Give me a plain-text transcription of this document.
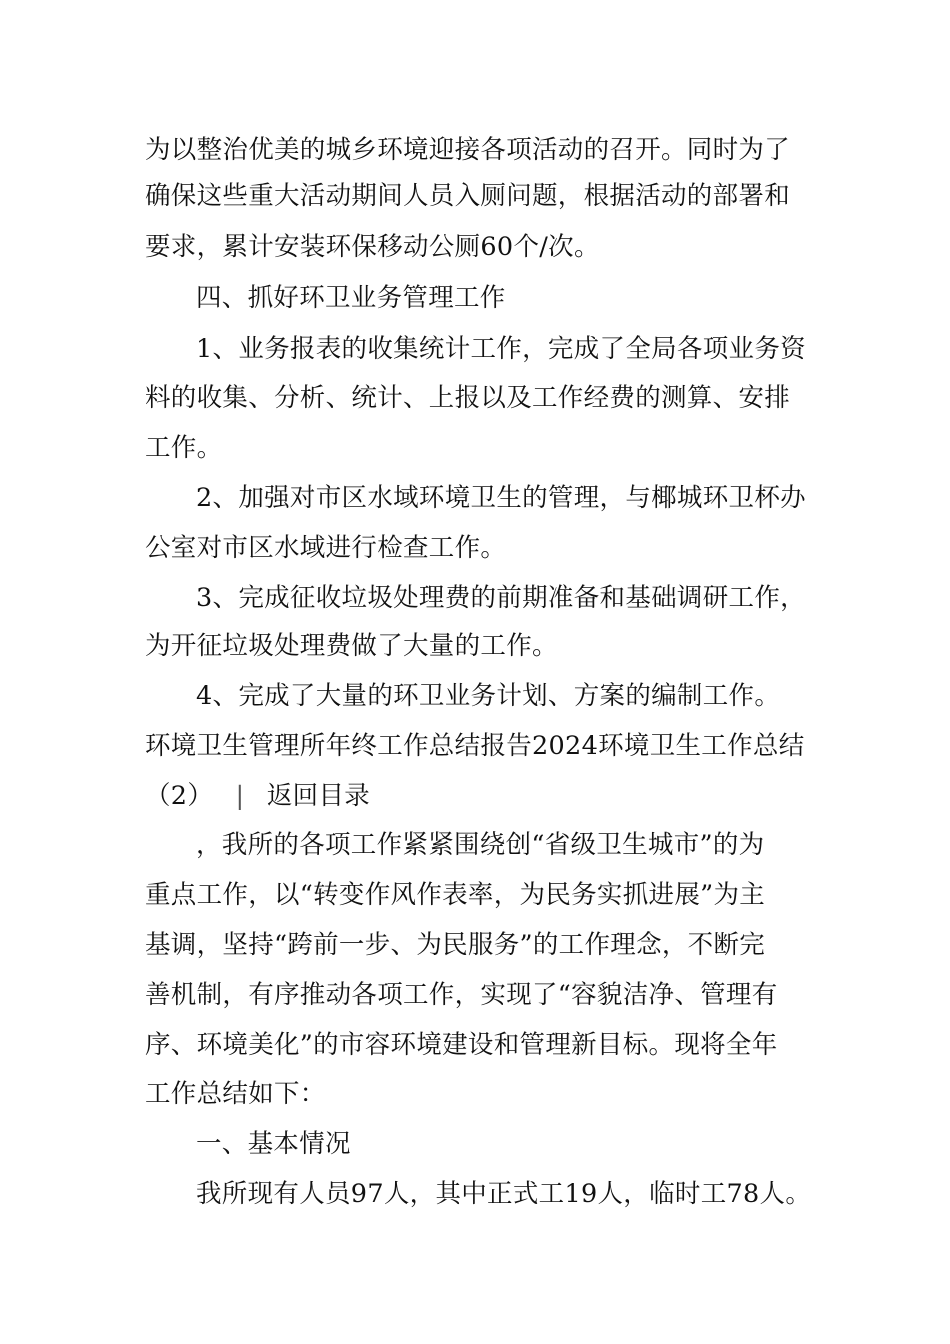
为以整治优美的城乡环境迎接各项活动的召开。同时为了
确保这些重大活动期间人员入厕问题，根据活动的部署和
要求，累计安装环保移动公厕60个/次。
四、抓好环卫业务管理工作
1、业务报表的收集统计工作，完成了全局各项业务资
料的收集、分析、统计、上报以及工作经费的测算、安排
工作。
2、加强对市区水域环境卫生的管理，与椰城环卫杯办
公室对市区水域进行检查工作。
3、完成征收垃圾处理费的前期准备和基础调研工作，
为开征垃圾处理费做了大量的工作。
4、完成了大量的环卫业务计划、方案的编制工作。
环境卫生管理所年终工作总结报告2024环境卫生工作总结
（2） | 返回目录
，我所的各项工作紧紧围绕创“省级卫生城市”的为
重点工作，以“转变作风作表率，为民务实抓进展”为主
基调，坚持“跨前一步、为民服务”的工作理念，不断完
善机制，有序推动各项工作，实现了“容貌洁净、管理有
序、环境美化”的市容环境建设和管理新目标。现将全年
工作总结如下：
一、基本情况
我所现有人员97人，其中正式工19人，临时工78人。
